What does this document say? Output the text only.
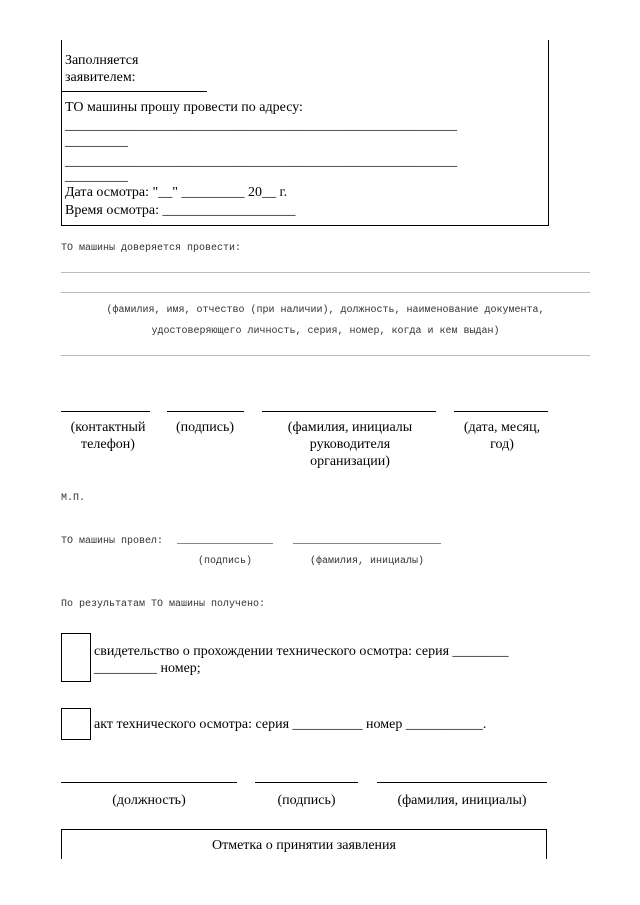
Заполняется
заявителем:
ТО машины прошу провести по адресу:
________________________________________________________
_________
________________________________________________________
_________
Дата осмотра: "__" _________ 20__ г.
Время осмотра: ___________________
ТО машины доверяется провести:
(фамилия, имя, отчество (при наличии), должность, наименование документа,
удостоверяющего личность, серия, номер, когда и кем выдан)
(контактный телефон)
(подпись)	(фамилия, инициалы руководителя организации)
(дата, месяц, год)
М.П.
ТО машины провел:
(подпись)	(фамилия, инициалы)
По результатам ТО машины получено:
свидетельство о прохождении технического осмотра: серия ________
_________ номер;
акт технического осмотра: серия __________ номер ___________.
(должность)	(подпись)	(фамилия, инициалы)
Отметка о принятии заявления
